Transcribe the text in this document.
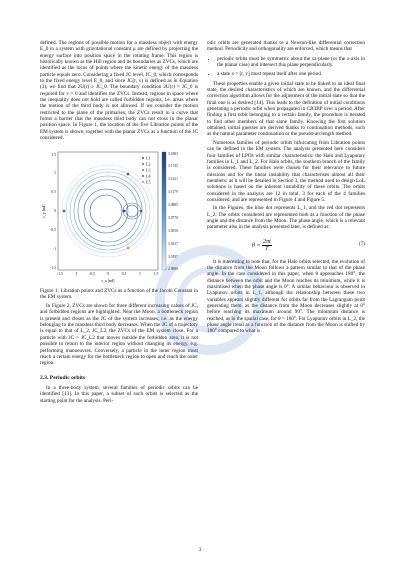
defined. The regions of possible motion for a massless object with energy E_0 in a system with gravitational constant μ are defined by projecting the energy surface into position space in the rotating frame. This region is historically known as the Hill region and its boundaries as ZVCs, which are identified as the locus of points where the kinetic energy of the massless particle equals zero. Considering a fixed JC level, JC_0, which corresponds to the fixed energy level E_0, and since JC(r, v) is defined as in Equation (3), we find that 2U(r) ≥ JC_0. The boundary condition 2U(r) = JC_0 is required for v = 0 and identifies the ZVCs. Instead, regions in space where the inequality does not hold are called forbidden regions, i.e. areas where the motion of the third body is not allowed. If we consider the motion restricted to the plane of the primaries, the ZVCs result in a curve that forms a barrier that the massless third body can not cross in the planar position space. In Figure 1, the location of the five Libration points of the EM system is shown, together with the planar ZVCs as a function of the JC considered.

L1
L2
L3
L4
L5
3.1883
3.1745
3.1421
3.1179
3.0885
3.0770
3.0550
3.0337
3.0187
2.9880
1.5
1
0.5
0
-0.5
-1
-1.5
-1.5	-1	-0.5	0	0.5	1	1.5
r_x [nd]
r_y [nd]

Figure 1: Libration points and ZVCs as a function of the Jacobi Constant in the EM system.

In Figure 2, ZVCs are shown for three different increasing values of JC, and forbidden regions are highlighted. Near the Moon, a bottleneck region is present and closes as the JC of the system increases, i.e. as the energy belonging to the massless third body decreases. When the JC of a trajectory is equal to that of L_2, JC_L2, the ZVCs of the EM system close. For a particle with JC > JC_L2 that moves outside the forbidden area, it is not possible to return to the interior region without changing its energy, e.g. performing manoeuvres. Conversely, a particle in the inner region must reach a certain energy for the bottleneck region to open and reach the outer region.

2.3. Periodic orbits

In a three-body system, several families of periodic orbits can be identified [13]. In this paper, a subset of such orbits is selected as the starting point for the analysis. Peri-

odic orbits are generated thanks to a Newton-like differential correction method. Periodicity and orthogonality are enforced, which means that

• periodic orbits must be symmetric about the xz-plane (or the x-axis in the planar case) and intersect this plane perpendicularly.
• a state x = [r, v] must repeat itself after one period.

These properties enable a given initial state to be linked to an ideal final state, the desired characteristics of which are known, and the differential correction algorithm allows for the adjustment of the initial state so that the final one is as desired [14]. This leads to the definition of initial conditions generating a periodic orbit when propagated in CR3BP over a period. After finding a first orbit belonging to a certain family, the procedure is iterated to find other members of that same family. Knowing the first solution obtained, initial guesses are derived thanks to continuation methods, such as the natural parameter continuation or the pseudo-arclength method.

Numerous families of periodic orbits bifurcating from Libration points can be defined in the EM system. The analysis presented here considers four families of LPOs with similar characteristics: the Halo and Lyapunov families in L_1 and L_2. For Halo orbits, the southern branch of the family is considered. These families were chosen for their relevance to future missions and for the linear instability that characterises almost all their members: as it will be detailed in Section 3, the method used to design LoL solutions is based on the inherent instability of these orbits. The orbits considered in the analysis are 12 in total, 3 for each of the 4 families considered, and are represented in Figure 4 and Figure 5.

In the Figures, the blue dot represents L_1, and the red dot represents L_2. The orbits considered are represented both as a function of the phase angle and the distance from the Moon. The phase angle, which is a relevant parameter also in the analysis presented later, is defined as:

$\theta = \frac{2\pi t}{T}$	(7)

It is interesting to note that, for the Halo orbits selected, the evolution of the distance from the Moon follows a pattern similar to that of the phase angle. In the case considered in this paper, when θ approaches 180°, the distance between the orbit and the Moon reaches its minimum, while it is maximised when the phase angle is 0°. A similar behaviour is observed in Lyapunov orbits in L_1, although the relationship between these two variables appears slightly different for orbits far from the Lagrangian point generating them, as the distance from the Moon decreases slightly at 0° before reaching its maximum around 90°. The minimum distance is reached, as in the spatial case, for θ = 180°. For Lyapunov orbits in L_2, the phase angle trend as a function of the distance from the Moon is shifted by 180° compared to what is

3
